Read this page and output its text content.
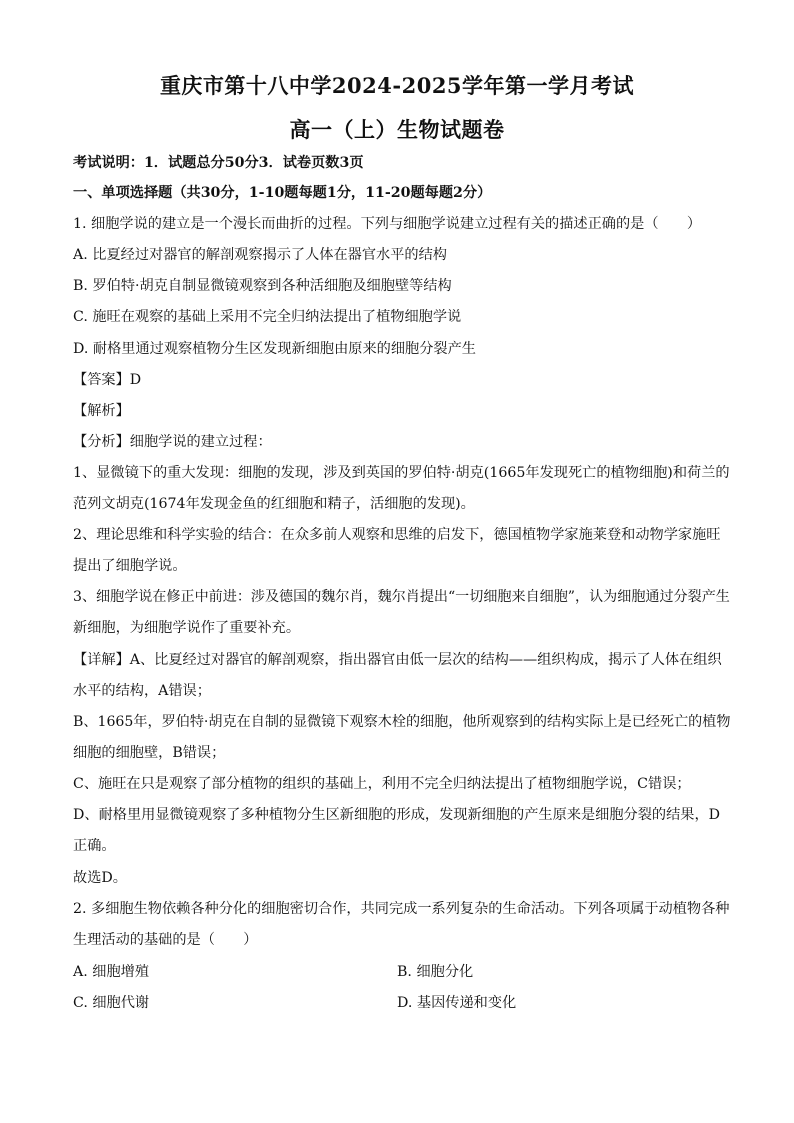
重庆市第十八中学2024-2025学年第一学月考试
高一（上）生物试题卷
考试说明：1．试题总分50分3．试卷页数3页
一、单项选择题（共30分，1-10题每题1分，11-20题每题2分）
1. 细胞学说的建立是一个漫长而曲折的过程。下列与细胞学说建立过程有关的描述正确的是（　　）
A. 比夏经过对器官的解剖观察揭示了人体在器官水平的结构
B. 罗伯特·胡克自制显微镜观察到各种活细胞及细胞壁等结构
C. 施旺在观察的基础上采用不完全归纳法提出了植物细胞学说
D. 耐格里通过观察植物分生区发现新细胞由原来的细胞分裂产生
【答案】D
【解析】
【分析】细胞学说的建立过程：
1、显微镜下的重大发现：细胞的发现，涉及到英国的罗伯特·胡克(1665年发现死亡的植物细胞)和荷兰的
范列文胡克(1674年发现金鱼的红细胞和精子，活细胞的发现)。
2、理论思维和科学实验的结合：在众多前人观察和思维的启发下，德国植物学家施莱登和动物学家施旺
提出了细胞学说。
3、细胞学说在修正中前进：涉及德国的魏尔肖，魏尔肖提出“一切细胞来自细胞”，认为细胞通过分裂产生
新细胞，为细胞学说作了重要补充。
【详解】A、比夏经过对器官的解剖观察，指出器官由低一层次的结构——组织构成，揭示了人体在组织
水平的结构，A错误；
B、1665年，罗伯特·胡克在自制的显微镜下观察木栓的细胞，他所观察到的结构实际上是已经死亡的植物
细胞的细胞壁，B错误；
C、施旺在只是观察了部分植物的组织的基础上，利用不完全归纳法提出了植物细胞学说，C错误；
D、耐格里用显微镜观察了多种植物分生区新细胞的形成，发现新细胞的产生原来是细胞分裂的结果，D
正确。
故选D。
2. 多细胞生物依赖各种分化的细胞密切合作，共同完成一系列复杂的生命活动。下列各项属于动植物各种
生理活动的基础的是（　　）
A. 细胞增殖	B. 细胞分化
C. 细胞代谢	D. 基因传递和变化
